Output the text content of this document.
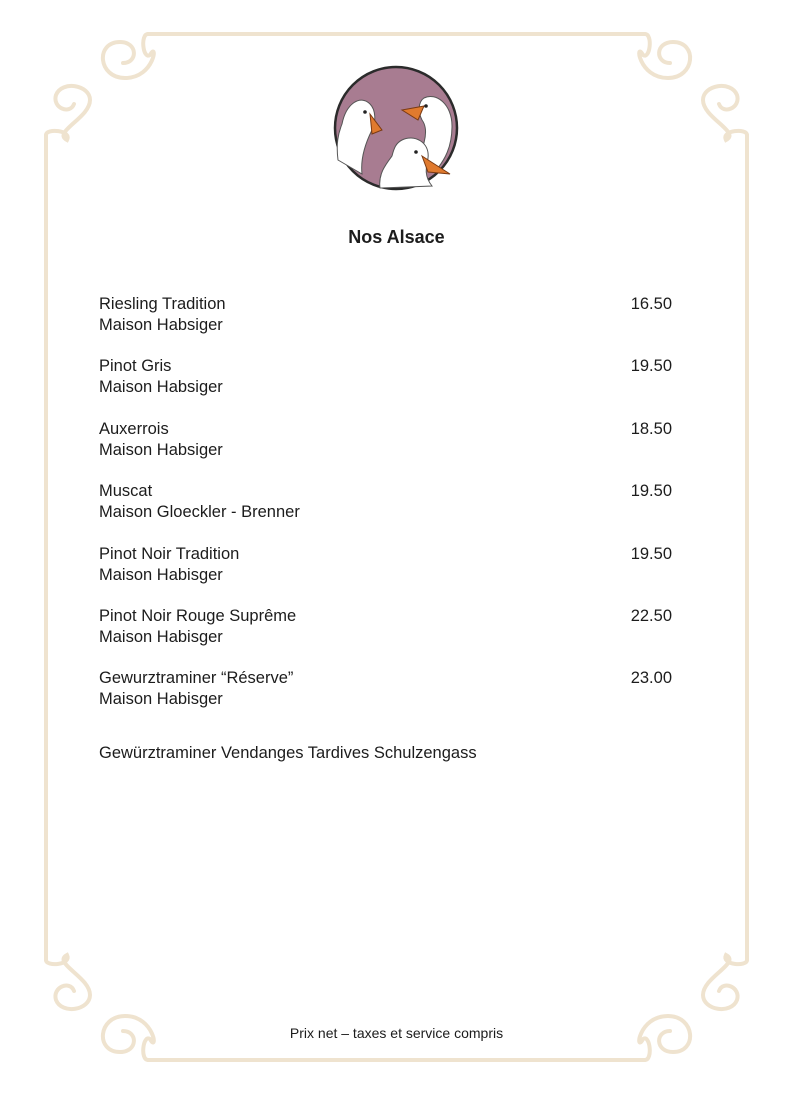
Nos Alsace
Riesling Tradition
Maison Habsiger
16.50
Pinot Gris
Maison Habsiger
19.50
Auxerrois
Maison Habsiger
18.50
Muscat
Maison Gloeckler - Brenner
19.50
Pinot Noir Tradition
Maison Habisger
19.50
Pinot Noir Rouge Suprême
Maison Habisger
22.50
Gewurztraminer “Réserve”
Maison Habisger
23.00
Gewürztraminer Vendanges Tardives Schulzengass
Prix net – taxes et service compris
